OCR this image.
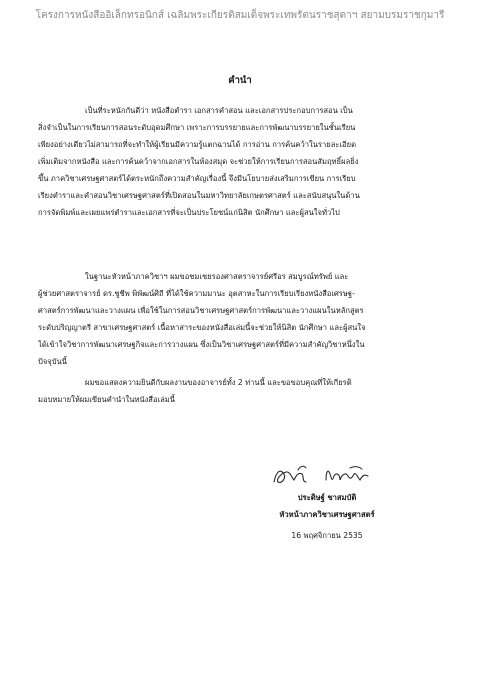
โครงการหนังสืออิเล็กทรอนิกส์ เฉลิมพระเกียรติสมเด็จพระเทพรัตนราชสุดาฯ สยามบรมราชกุมารี
คำนำ
เป็นที่ระหนักกันดีว่า หนังสือตำรา เอกสารคำสอน และเอกสารประกอบการสอน เป็น
สิ่งจำเป็นในการเรียนการสอนระดับอุดมศึกษา เพราะการบรรยายและการพัฒนาบรรยายในชั้นเรียน
เพียงอย่างเดียวไม่สามารถที่จะทำให้ผู้เรียนมีความรู้แตกฉานได้ การอ่าน การค้นคว้าในรายละเอียด
เพิ่มเติมจากหนังสือ และการค้นคว้าจากเอกสารในห้องสมุด จะช่วยให้การเรียนการสอนสัมฤทธิ์ผลยิ่ง
ขึ้น ภาควิชาเศรษฐศาสตร์ได้ตระหนักถึงความสำคัญเรื่องนี้ จึงมีนโยบายส่งเสริมการเขียน การเรียบ
เรียงตำราและคำสอนวิชาเศรษฐศาสตร์ที่เปิดสอนในมหาวิทยาลัยเกษตรศาสตร์ และสนับสนุนในด้าน
การจัดพิมพ์และเผยแพร่ตำราและเอกสารที่จะเป็นประโยชน์แก่นิสิต นักศึกษา และผู้สนใจทั่วไป
ในฐานะหัวหน้าภาควิชาฯ ผมขอชมเชยรองศาสตราจารย์ศรีอร สมบูรณ์ทรัพย์ และ
ผู้ช่วยศาสตราจารย์ ดร.ชูชีพ พิพัฒน์ศิถี ที่ได้ใช้ความมานะ อุตสาหะในการเรียบเรียงหนังสือเศรษฐ-
ศาสตร์การพัฒนาและวางแผน เพื่อใช้ในการสอนวิชาเศรษฐศาสตร์การพัฒนาและวางแผนในหลักสูตร
ระดับปริญญาตรี สาขาเศรษฐศาสตร์ เนื้อหาสาระของหนังสือเล่มนี้จะช่วยให้นิสิต นักศึกษา และผู้สนใจ
ได้เข้าใจวิชาการพัฒนาเศรษฐกิจและการวางแผน ซึ่งเป็นวิชาเศรษฐศาสตร์ที่มีความสำคัญวิชาหนึ่งใน
ปัจจุบันนี้
ผมขอแสดงความยินดีกับผลงานของอาจารย์ทั้ง 2 ท่านนี้ และขอขอบคุณที่ให้เกียรติ
มอบหมายให้ผมเขียนคำนำในหนังสือเล่มนี้
ประดิษฐ์ ชาสมบัติ
หัวหน้าภาควิชาเศรษฐศาสตร์
16 พฤศจิกายน 2535
